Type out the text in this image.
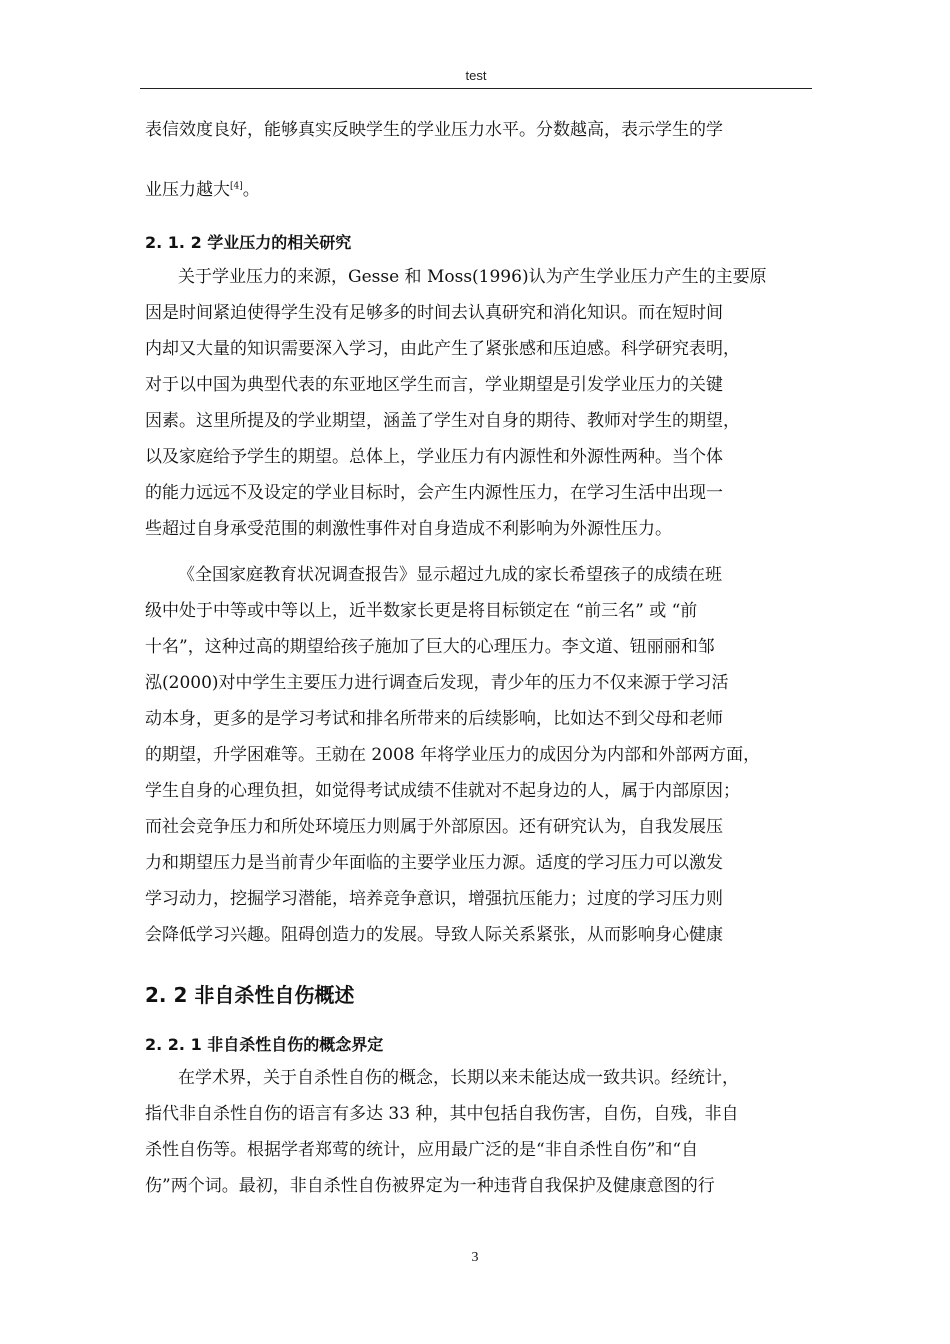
test
表信效度良好，能够真实反映学生的学业压力水平。分数越高，表示学生的学
业压力越大[4]。
2. 1. 2 学业压力的相关研究
关于学业压力的来源，Gesse 和 Moss(1996)认为产生学业压力产生的主要原
因是时间紧迫使得学生没有足够多的时间去认真研究和消化知识。而在短时间
内却又大量的知识需要深入学习，由此产生了紧张感和压迫感。科学研究表明，
对于以中国为典型代表的东亚地区学生而言，学业期望是引发学业压力的关键
因素。这里所提及的学业期望，涵盖了学生对自身的期待、教师对学生的期望，
以及家庭给予学生的期望。总体上，学业压力有内源性和外源性两种。当个体
的能力远远不及设定的学业目标时，会产生内源性压力，在学习生活中出现一
些超过自身承受范围的刺激性事件对自身造成不利影响为外源性压力。
《全国家庭教育状况调查报告》显示超过九成的家长希望孩子的成绩在班
级中处于中等或中等以上，近半数家长更是将目标锁定在 “前三名” 或 “前
十名”，这种过高的期望给孩子施加了巨大的心理压力。李文道、钮丽丽和邹
泓(2000)对中学生主要压力进行调查后发现，青少年的压力不仅来源于学习活
动本身，更多的是学习考试和排名所带来的后续影响，比如达不到父母和老师
的期望，升学困难等。王勍在 2008 年将学业压力的成因分为内部和外部两方面，
学生自身的心理负担，如觉得考试成绩不佳就对不起身边的人，属于内部原因；
而社会竞争压力和所处环境压力则属于外部原因。还有研究认为，自我发展压
力和期望压力是当前青少年面临的主要学业压力源。适度的学习压力可以激发
学习动力，挖掘学习潜能，培养竞争意识，增强抗压能力；过度的学习压力则
会降低学习兴趣。阻碍创造力的发展。导致人际关系紧张，从而影响身心健康
2. 2 非自杀性自伤概述
2. 2. 1 非自杀性自伤的概念界定
在学术界，关于自杀性自伤的概念，长期以来未能达成一致共识。经统计，
指代非自杀性自伤的语言有多达 33 种，其中包括自我伤害，自伤，自残，非自
杀性自伤等。根据学者郑莺的统计，应用最广泛的是“非自杀性自伤”和“自
伤”两个词。最初，非自杀性自伤被界定为一种违背自我保护及健康意图的行
3
